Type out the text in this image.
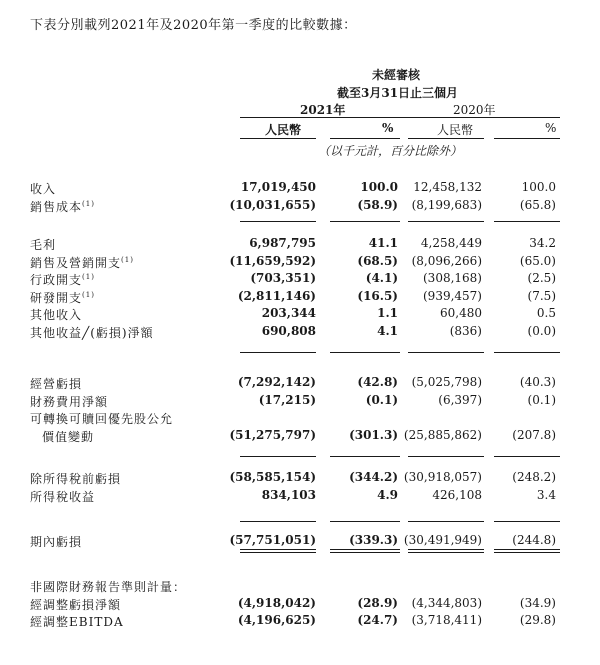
下表分別載列2021年及2020年第一季度的比較數據：
未經審核
截至3月31日止三個月
2021年	2020年
人民幣	%	人民幣	%
（以千元計，百分比除外）
收入	17,019,450	100.0 12,458,132	100.0
銷售成本$^{(1)}$	(10,031,655)	(58.9) (8,199,683)	(65.8)
毛利	6,987,795	41.1 4,258,449	34.2
銷售及營銷開支$^{(1)}$	(11,659,592)	(68.5) (8,096,266)	(65.0)
行政開支$^{(1)}$	(703,351)	(4.1) (308,168)	(2.5)
研發開支$^{(1)}$	(2,811,146)	(16.5) (939,457)	(7.5)
其他收入	203,344	1.1	60,480	0.5
其他收益╱(虧損)淨額	690,808	4.1	(836)	(0.0)
經營虧損	(7,292,142)	(42.8) (5,025,798)	(40.3)
財務費用淨額	(17,215)	(0.1)	(6,397)	(0.1)
可轉換可贖回優先股公允
價值變動	(51,275,797)	(301.3) (25,885,862)	(207.8)
除所得稅前虧損	(58,585,154)	(344.2) (30,918,057)	(248.2)
所得稅收益	834,103	4.9	426,108	3.4
期內虧損	(57,751,051)	(339.3) (30,491,949)	(244.8)
非國際財務報告準則計量：
經調整虧損淨額	(4,918,042)	(28.9) (4,344,803)	(34.9)
經調整EBITDA	(4,196,625)	(24.7) (3,718,411)	(29.8)
